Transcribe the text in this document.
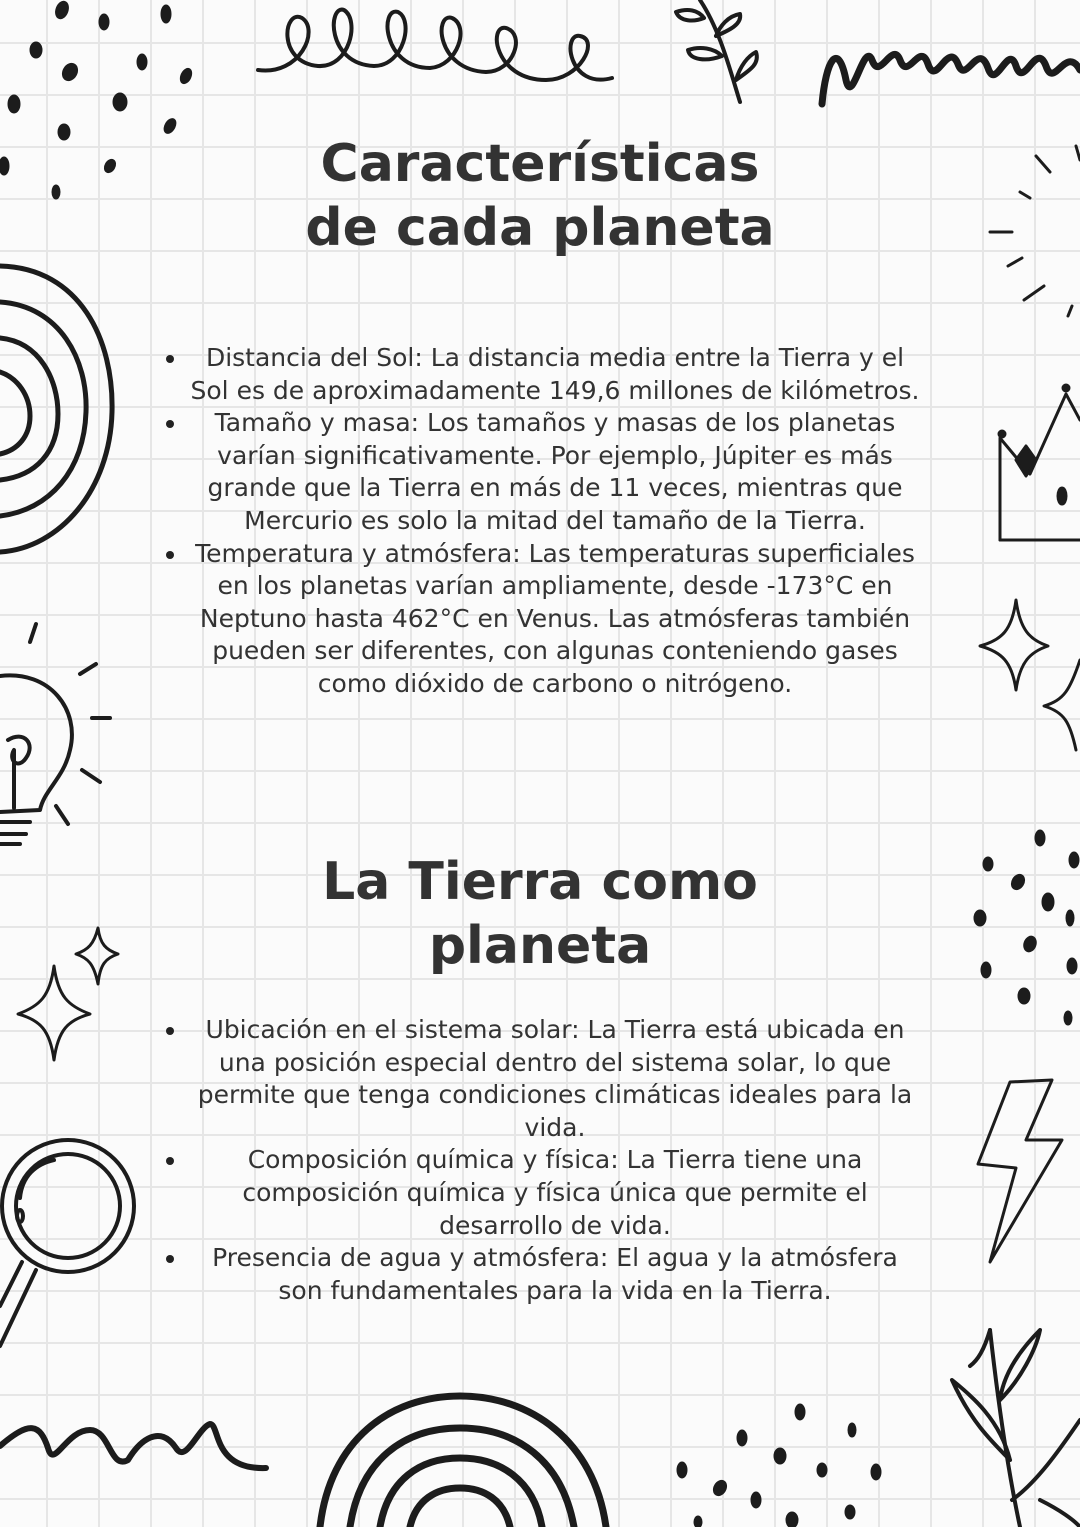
Características
de cada planeta
Distancia del Sol: La distancia media entre la Tierra y el Sol es de aproximadamente 149,6 millones de kilómetros.
Tamaño y masa: Los tamaños y masas de los planetas varían significativamente. Por ejemplo, Júpiter es más grande que la Tierra en más de 11 veces, mientras que Mercurio es solo la mitad del tamaño de la Tierra.
Temperatura y atmósfera: Las temperaturas superficiales en los planetas varían ampliamente, desde -173°C en Neptuno hasta 462°C en Venus. Las atmósferas también pueden ser diferentes, con algunas conteniendo gases como dióxido de carbono o nitrógeno.
La Tierra como
planeta
Ubicación en el sistema solar: La Tierra está ubicada en una posición especial dentro del sistema solar, lo que permite que tenga condiciones climáticas ideales para la vida.
Composición química y física: La Tierra tiene una composición química y física única que permite el desarrollo de vida.
Presencia de agua y atmósfera: El agua y la atmósfera son fundamentales para la vida en la Tierra.
